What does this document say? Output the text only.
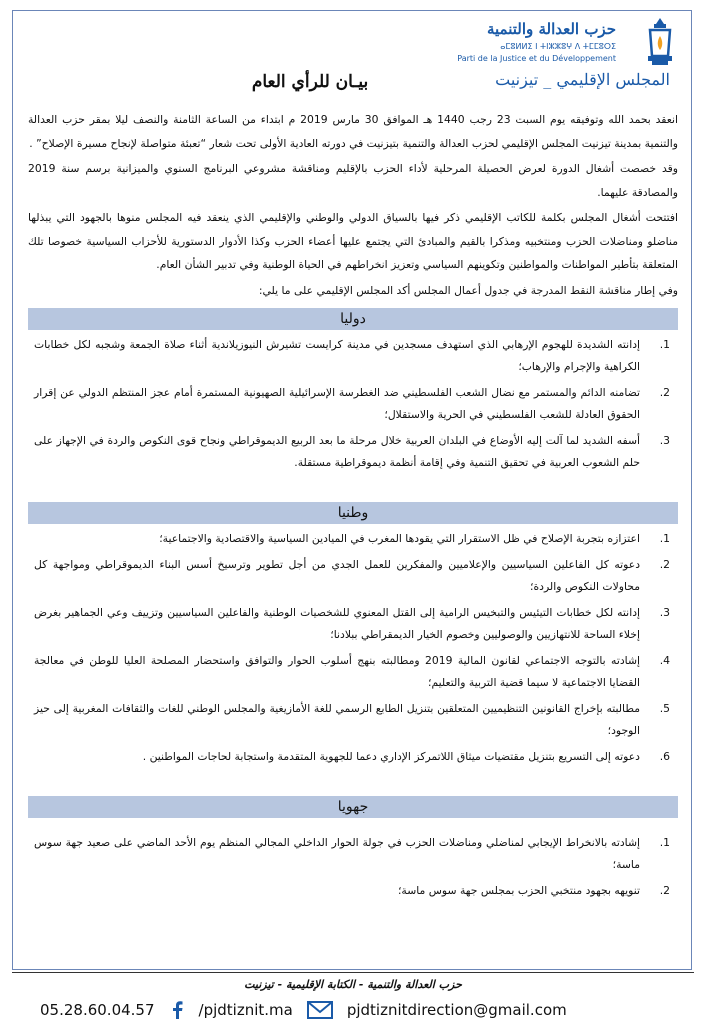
حزب العدالة والتنمية
ⴰⵎⵓⵍⵍⵉ ⵏ ⵜⵏⵣⵣⵓⵖ ⴷ ⵜⵎⵎⵓⵔⵉ
Parti de la Justice et du Développement
المجلس الإقليمي _ تيزنيت
بيـان للرأي العام

انعقد بحمد الله وتوفيقه يوم السبت 23 رجب 1440 هـ الموافق 30 مارس 2019 م ابتداء من الساعة الثامنة والنصف ليلا بمقر حزب العدالة والتنمية بمدينة تيزنيت المجلس الإقليمي لحزب العدالة والتنمية بتيزنيت في دورته العادية الأولى تحت شعار “تعبئة متواصلة لإنجاح مسيرة الإصلاح” .

وقد خصصت أشغال الدورة لعرض الحصيلة المرحلية لأداء الحزب بالإقليم ومناقشة مشروعي البرنامج السنوي والميزانية برسم سنة 2019 والمصادقة عليهما.

افتتحت أشغال المجلس بكلمة للكاتب الإقليمي ذكر فيها بالسياق الدولي والوطني والإقليمي الذي ينعقد فيه المجلس منوها بالجهود التي يبذلها مناضلو ومناضلات الحزب ومنتخبيه ومذكرا بالقيم والمبادئ التي يجتمع عليها أعضاء الحزب وكذا الأدوار الدستورية للأحزاب السياسية خصوصا تلك المتعلقة بتأطير المواطنات والمواطنين وتكوينهم السياسي وتعزيز انخراطهم في الحياة الوطنية وفي تدبير الشأن العام.

وفي إطار مناقشة النقط المدرجة في جدول أعمال المجلس أكد المجلس الإقليمي على ما يلي:

دوليا
1.
إدانته الشديدة للهجوم الإرهابي الذي استهدف مسجدين في مدينة كرايست تشيرش النيوزيلاندية أثناء صلاة الجمعة وشجبه لكل خطابات الكراهية والإجرام والإرهاب؛
2.
تضامنه الدائم والمستمر مع نضال الشعب الفلسطيني ضد الغطرسة الإسرائيلية الصهيونية المستمرة أمام عجز المنتظم الدولي عن إقرار الحقوق العادلة للشعب الفلسطيني في الحرية والاستقلال؛
3.
أسفه الشديد لما آلت إليه الأوضاع في البلدان العربية خلال مرحلة ما بعد الربيع الديموقراطي ونجاح قوى النكوص والردة في الإجهاز على حلم الشعوب العربية في تحقيق التنمية وفي إقامة أنظمة ديموقراطية مستقلة.
وطنيا
1.
اعتزازه بتجربة الإصلاح في ظل الاستقرار التي يقودها المغرب في الميادين السياسية والاقتصادية والاجتماعية؛
2.
دعوته كل الفاعلين السياسيين والإعلاميين والمفكرين للعمل الجدي من أجل تطوير وترسيخ أسس البناء الديموقراطي ومواجهة كل محاولات النكوص والردة؛
3.
إدانته لكل خطابات التيئيس والتبخيس الرامية إلى القتل المعنوي للشخصيات الوطنية والفاعلين السياسيين وتزييف وعي الجماهير بغرض إخلاء الساحة للانتهازيين والوصوليين وخصوم الخيار الديمقراطي ببلادنا؛
4.
إشادته بالتوجه الاجتماعي لقانون المالية 2019 ومطالبته بنهج أسلوب الحوار والتوافق واستحضار المصلحة العليا للوطن في معالجة القضايا الاجتماعية لا سيما قضية التربية والتعليم؛
5.
مطالبته بإخراج القانونين التنظيميين المتعلقين بتنزيل الطابع الرسمي للغة الأمازيغية والمجلس الوطني للغات والثقافات المغربية إلى حيز الوجود؛
6.
دعوته إلى التسريع بتنزيل مقتضيات ميثاق اللاتمركز الإداري دعما للجهوية المتقدمة واستجابة لحاجات المواطنين .
جهويا
1.
إشادته بالانخراط الإيجابي لمناضلي ومناضلات الحزب في جولة الحوار الداخلي المجالي المنظم يوم الأحد الماضي على صعيد جهة سوس ماسة؛
2.
تنويهه بجهود منتخبي الحزب بمجلس جهة سوس ماسة؛
حزب العدالة والتنمية - الكتابة الإقليمية - تيزنيت
05.28.60.04.57	/pjdtiznit.ma	pjdtiznitdirection@gmail.com
